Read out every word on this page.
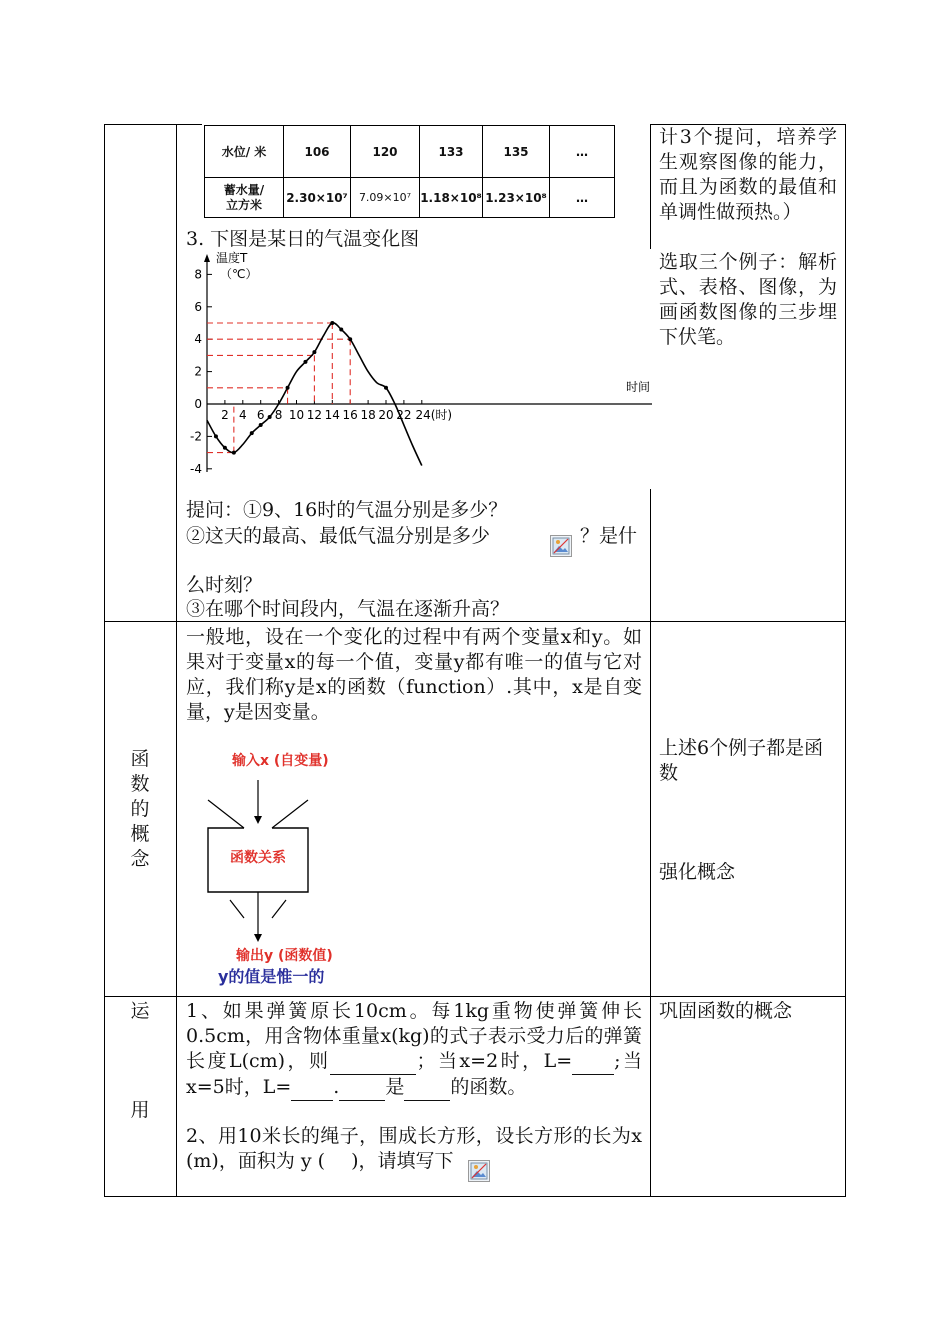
水位/ 米	106	120	133	135	…
蓄水量/
立方米	2.30×10⁷	7.09×10⁷	1.18×10⁸	1.23×10⁸	…
3. 下图是某日的气温变化图
8
6
4
2
0
-2
-4
2 4 6 8 10 12 14 16 18 20 22 24(时)
温度T
（℃）
时间
提问：①9、16时的气温分别是多少？
②这天的最高、最低气温分别是多少	？是什
么时刻？
③在哪个时间段内，气温在逐渐升高？
计3个提问，培养学生观察图像的能力，而且为函数的最值和单调性做预热。）
选取三个例子：解析式、表格、图像，为画函数图像的三步埋下伏笔。
函
数
的
概
念
一般地，设在一个变化的过程中有两个变量x和y。如果对于变量x的每一个值，变量y都有唯一的值与它对应，我们称y是x的函数（function）.其中，x是自变量，y是因变量。
输入x (自变量)
函数关系
输出y (函数值)
y的值是惟一的
上述6个例子都是函数
强化概念
运
用
1、如果弹簧原长10cm。每1kg重物使弹簧伸长0.5cm，用含物体重量x(kg)的式子表示受力后的弹簧长度L(cm)，则	；当x=2时，L= ;当x=5时，L= . 是 的函数。
2、用10米长的绳子，围成长方形，设长方形的长为x (m)，面积为 y ( )，请填写下
巩固函数的概念
